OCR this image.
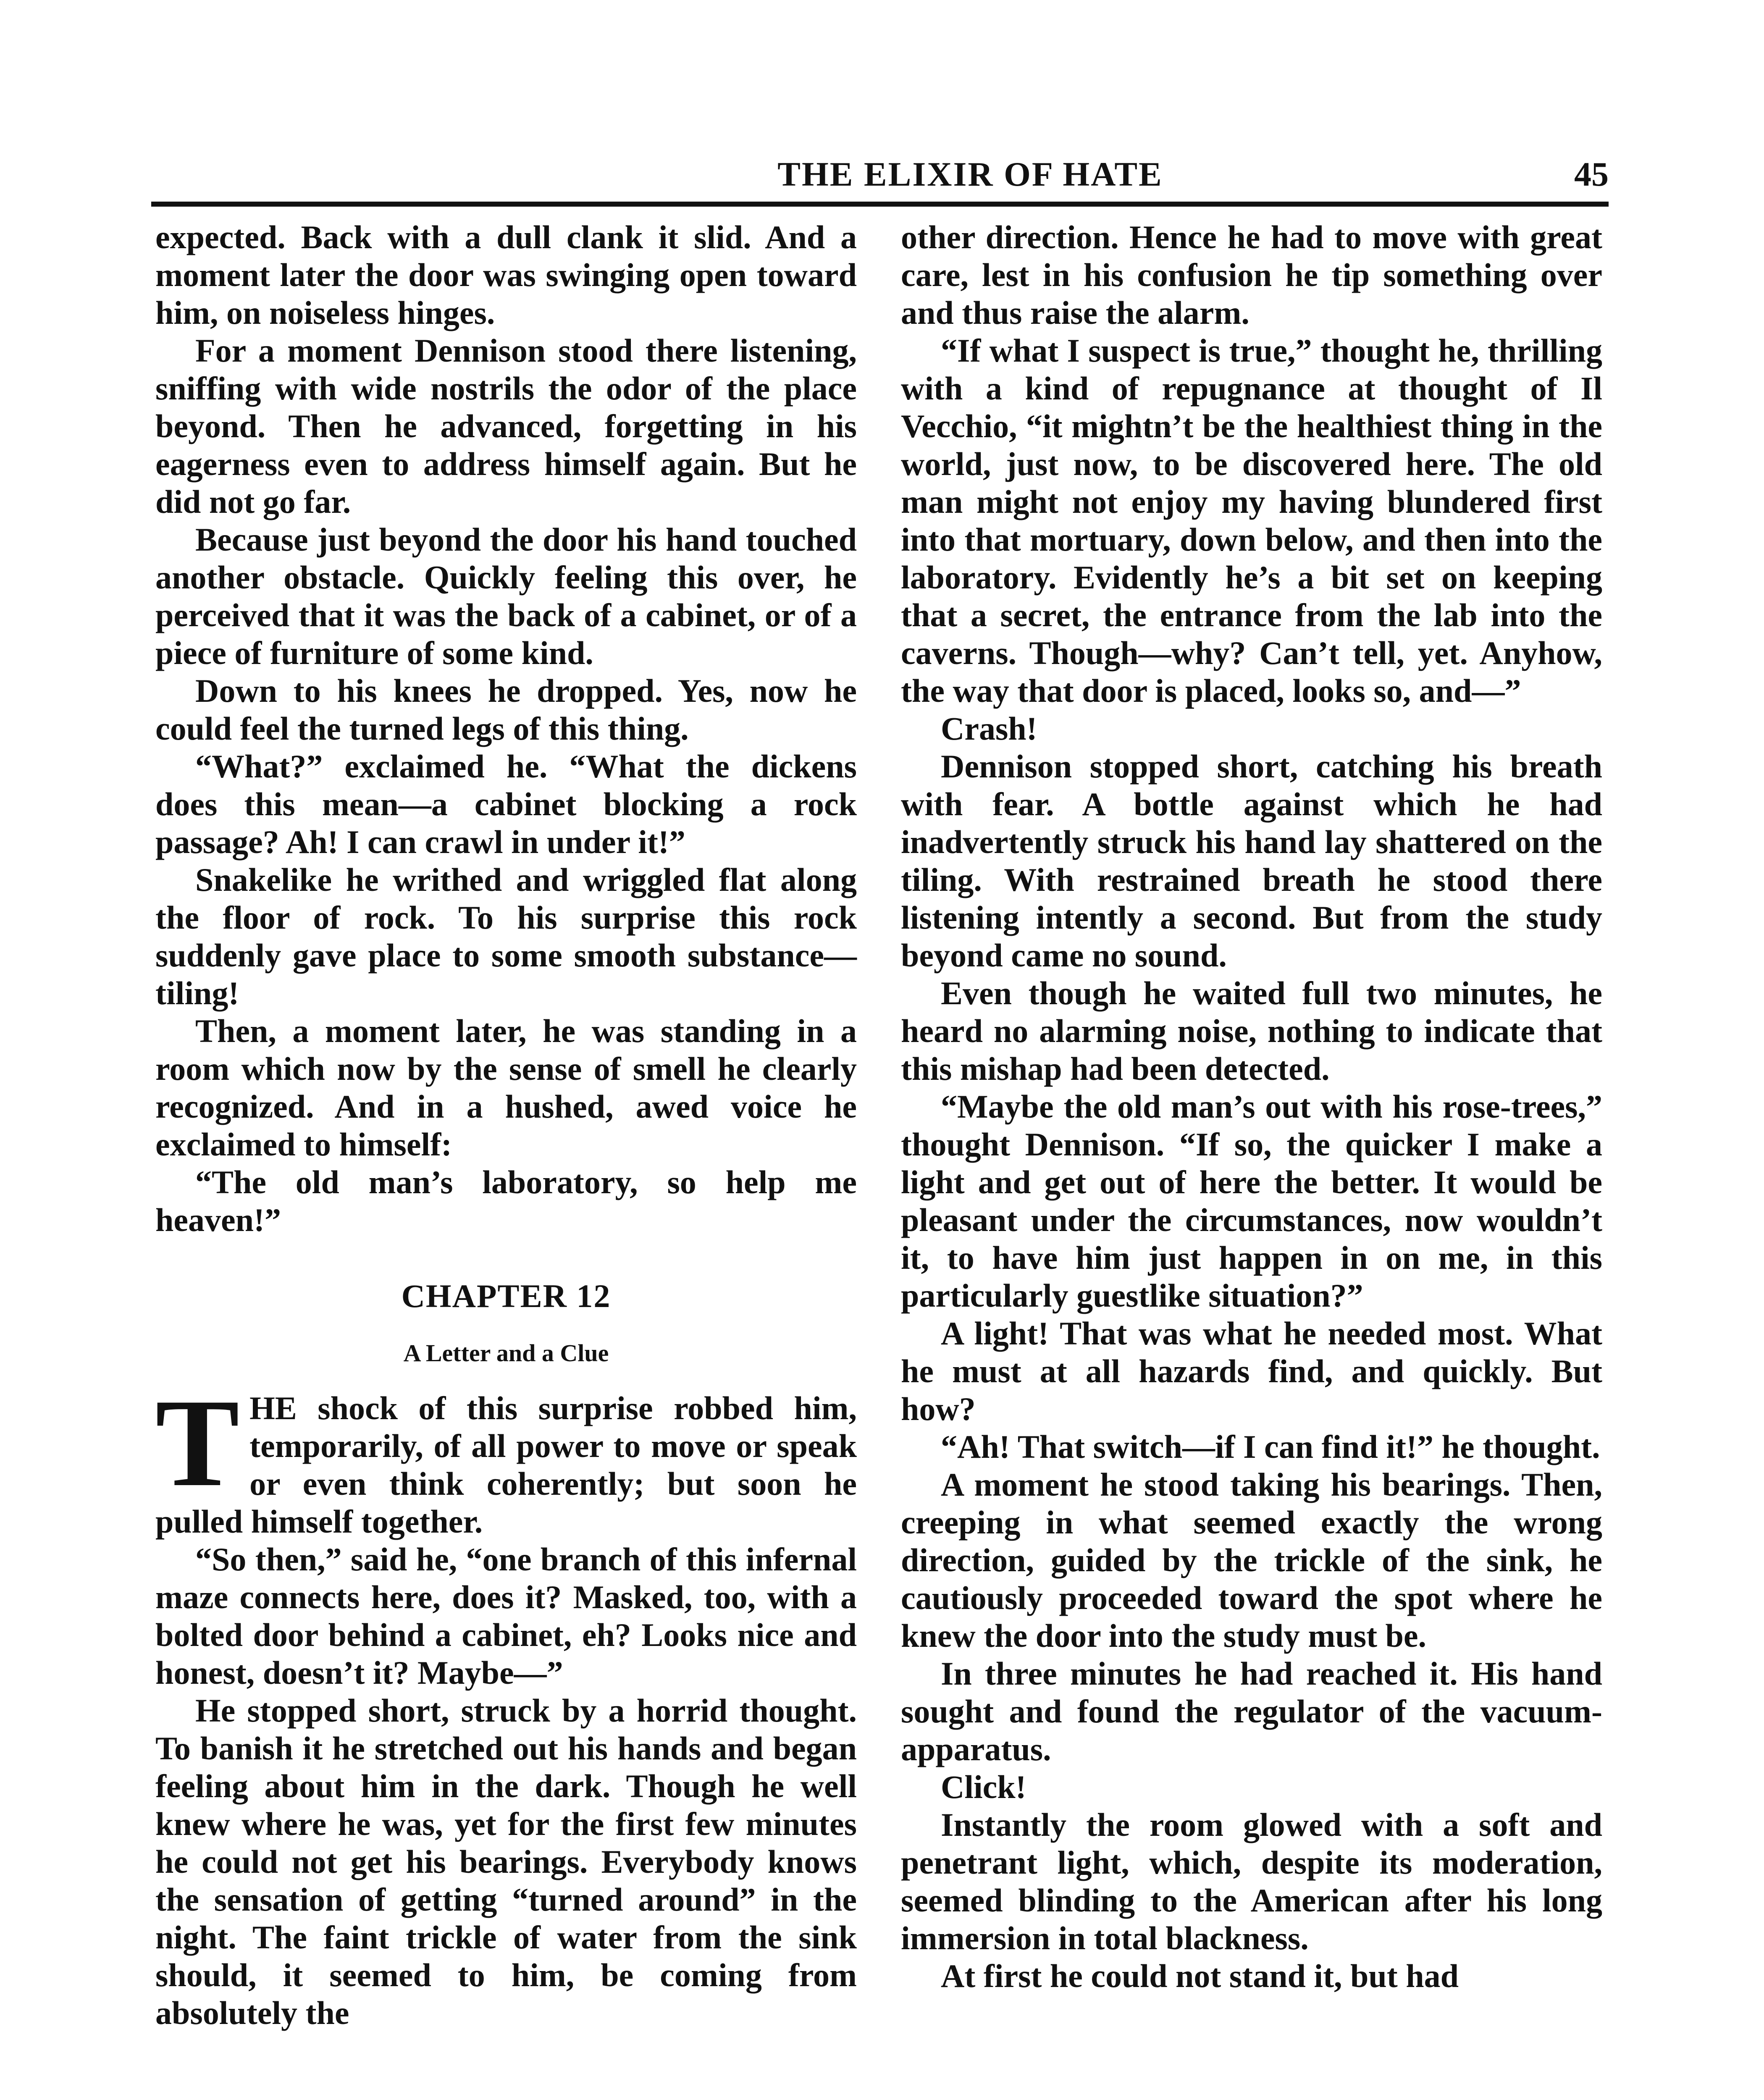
THE ELIXIR OF HATE	45

expected. Back with a dull clank it slid. And a moment later the door was swinging open toward him, on noiseless hinges.

For a moment Dennison stood there listening, sniffing with wide nostrils the odor of the place beyond. Then he advanced, forgetting in his eagerness even to address himself again. But he did not go far.

Because just beyond the door his hand touched another obstacle. Quickly feeling this over, he perceived that it was the back of a cabinet, or of a piece of furniture of some kind.

Down to his knees he dropped. Yes, now he could feel the turned legs of this thing.

“What?” exclaimed he. “What the dickens does this mean—a cabinet blocking a rock passage? Ah! I can crawl in under it!”

Snakelike he writhed and wriggled flat along the floor of rock. To his surprise this rock suddenly gave place to some smooth substance—tiling!

Then, a moment later, he was standing in a room which now by the sense of smell he clearly recognized. And in a hushed, awed voice he exclaimed to himself:

“The old man’s laboratory, so help me heaven!”

CHAPTER 12
A Letter and a Clue

T HE shock of this surprise robbed him, temporarily, of all power to move or speak or even think coherently; but soon he pulled himself together.

“So then,” said he, “one branch of this infernal maze connects here, does it? Masked, too, with a bolted door behind a cabinet, eh? Looks nice and honest, doesn’t it? Maybe—”

He stopped short, struck by a horrid thought. To banish it he stretched out his hands and began feeling about him in the dark. Though he well knew where he was, yet for the first few minutes he could not get his bearings. Everybody knows the sensation of getting “turned around” in the night. The faint trickle of water from the sink should, it seemed to him, be coming from absolutely the

other direction. Hence he had to move with great care, lest in his confusion he tip something over and thus raise the alarm.

“If what I suspect is true,” thought he, thrilling with a kind of repugnance at thought of Il Vecchio, “it mightn’t be the healthiest thing in the world, just now, to be discovered here. The old man might not enjoy my having blundered first into that mortuary, down below, and then into the laboratory. Evidently he’s a bit set on keeping that a secret, the entrance from the lab into the caverns. Though—why? Can’t tell, yet. Anyhow, the way that door is placed, looks so, and—”

Crash!

Dennison stopped short, catching his breath with fear. A bottle against which he had inadvertently struck his hand lay shattered on the tiling. With restrained breath he stood there listening intently a second. But from the study beyond came no sound.

Even though he waited full two minutes, he heard no alarming noise, nothing to indicate that this mishap had been detected.

“Maybe the old man’s out with his rose-trees,” thought Dennison. “If so, the quicker I make a light and get out of here the better. It would be pleasant under the circumstances, now wouldn’t it, to have him just happen in on me, in this particularly guestlike situation?”

A light! That was what he needed most. What he must at all hazards find, and quickly. But how?

“Ah! That switch—if I can find it!” he thought.

A moment he stood taking his bearings. Then, creeping in what seemed exactly the wrong direction, guided by the trickle of the sink, he cautiously proceeded toward the spot where he knew the door into the study must be.

In three minutes he had reached it. His hand sought and found the regulator of the vacuum-apparatus.

Click!

Instantly the room glowed with a soft and penetrant light, which, despite its moderation, seemed blinding to the American after his long immersion in total blackness.

At first he could not stand it, but had
